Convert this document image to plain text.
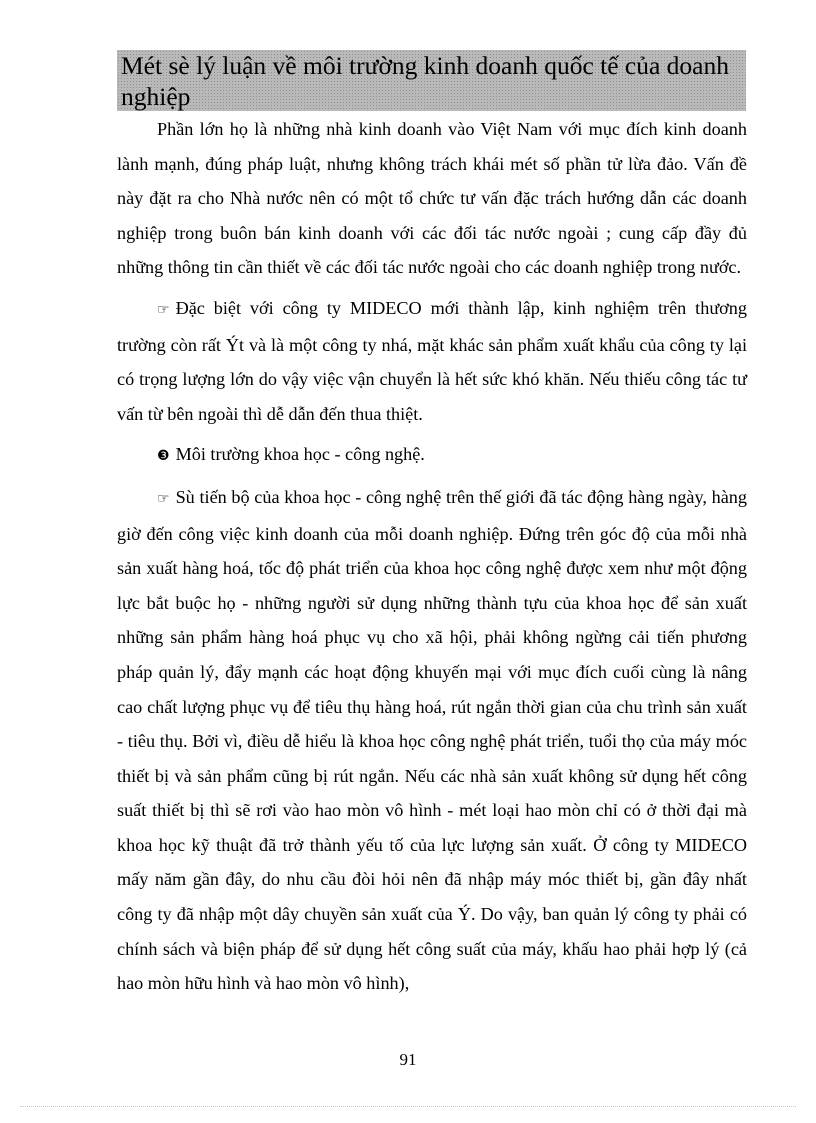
Mét sè lý luận về môi trường kinh doanh quốc tế của doanh nghiệp

Phần lớn họ là những nhà kinh doanh vào Việt Nam với mục đích kinh doanh lành mạnh, đúng pháp luật, nhưng không trách khái mét số phần tử lừa đảo. Vấn đề này đặt ra cho Nhà nước nên có một tổ chức tư vấn đặc trách hướng dẫn các doanh nghiệp trong buôn bán kinh doanh với các đối tác nước ngoài ; cung cấp đầy đủ những thông tin cần thiết về các đối tác nước ngoài cho các doanh nghiệp trong nước.

☞ Đặc biệt với công ty MIDECO mới thành lập, kinh nghiệm trên thương trường còn rất Ýt và là một công ty nhá, mặt khác sản phẩm xuất khẩu của công ty lại có trọng lượng lớn do vậy việc vận chuyển là hết sức khó khăn. Nếu thiếu công tác tư vấn từ bên ngoài thì dễ dẫn đến thua thiệt.

❸ Môi trường khoa học - công nghệ.

☞ Sù tiến bộ của khoa học - công nghệ trên thế giới đã tác động hàng ngày, hàng giờ đến công việc kinh doanh của mỗi doanh nghiệp. Đứng trên góc độ của mỗi nhà sản xuất hàng hoá, tốc độ phát triển của khoa học công nghệ được xem như một động lực bắt buộc họ - những người sử dụng những thành tựu của khoa học để sản xuất những sản phẩm hàng hoá phục vụ cho xã hội, phải không ngừng cải tiến phương pháp quản lý, đẩy mạnh các hoạt động khuyến mại với mục đích cuối cùng là nâng cao chất lượng phục vụ để tiêu thụ hàng hoá, rút ngắn thời gian của chu trình sản xuất - tiêu thụ. Bởi vì, điều dễ hiểu là khoa học công nghệ phát triển, tuổi thọ của máy móc thiết bị và sản phẩm cũng bị rút ngắn. Nếu các nhà sản xuất không sử dụng hết công suất thiết bị thì sẽ rơi vào hao mòn vô hình - mét loại hao mòn chỉ có ở thời đại mà khoa học kỹ thuật đã trở thành yếu tố của lực lượng sản xuất. Ở công ty MIDECO mấy năm gần đây, do nhu cầu đòi hỏi nên đã nhập máy móc thiết bị, gần đây nhất công ty đã nhập một dây chuyền sản xuất của Ý. Do vậy, ban quản lý công ty phải có chính sách và biện pháp để sử dụng hết công suất của máy, khấu hao phải hợp lý (cả hao mòn hữu hình và hao mòn vô hình),

91
